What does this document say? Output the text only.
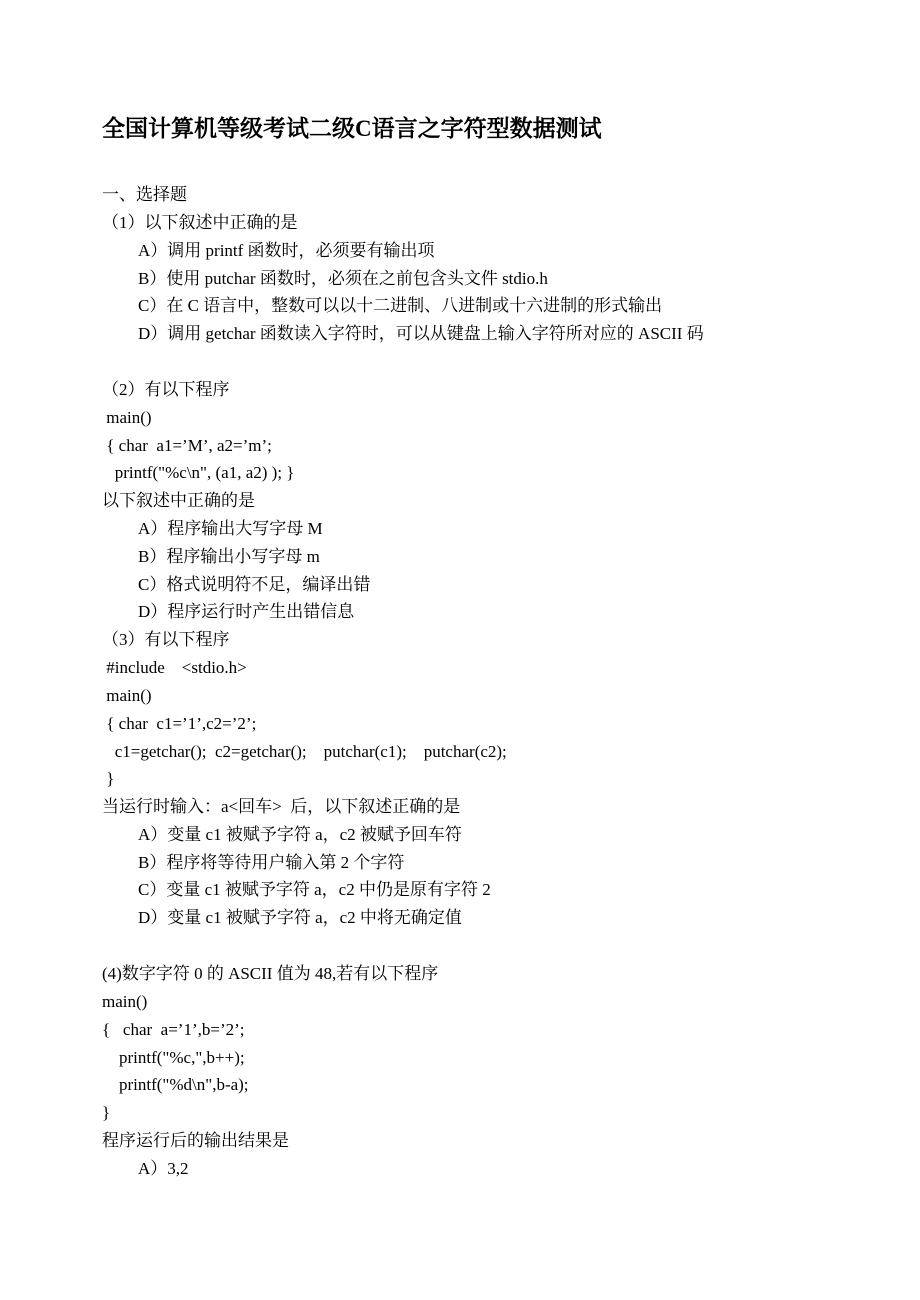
全国计算机等级考试二级C语言之字符型数据测试
一、选择题
（1）以下叙述中正确的是
A）调用 printf 函数时，必须要有输出项
B）使用 putchar 函数时，必须在之前包含头文件 stdio.h
C）在 C 语言中，整数可以以十二进制、八进制或十六进制的形式输出
D）调用 getchar 函数读入字符时，可以从键盘上输入字符所对应的 ASCII 码
（2）有以下程序
main()
{ char  a1=’M’, a2=’m’;
printf("%c\n", (a1, a2) ); }
以下叙述中正确的是
A）程序输出大写字母 M
B）程序输出小写字母 m
C）格式说明符不足，编译出错
D）程序运行时产生出错信息
（3）有以下程序
#include    <stdio.h>
main()
{ char  c1=’1’,c2=’2’;
c1=getchar();  c2=getchar();    putchar(c1);    putchar(c2);
}
当运行时输入：a<回车>  后，以下叙述正确的是
A）变量 c1 被赋予字符 a，c2 被赋予回车符
B）程序将等待用户输入第 2 个字符
C）变量 c1 被赋予字符 a，c2 中仍是原有字符 2
D）变量 c1 被赋予字符 a，c2 中将无确定值
(4)数字字符 0 的 ASCII 值为 48,若有以下程序
main()
{   char  a=’1’,b=’2’;
printf("%c,",b++);
printf("%d\n",b-a);
}
程序运行后的输出结果是
A）3,2
